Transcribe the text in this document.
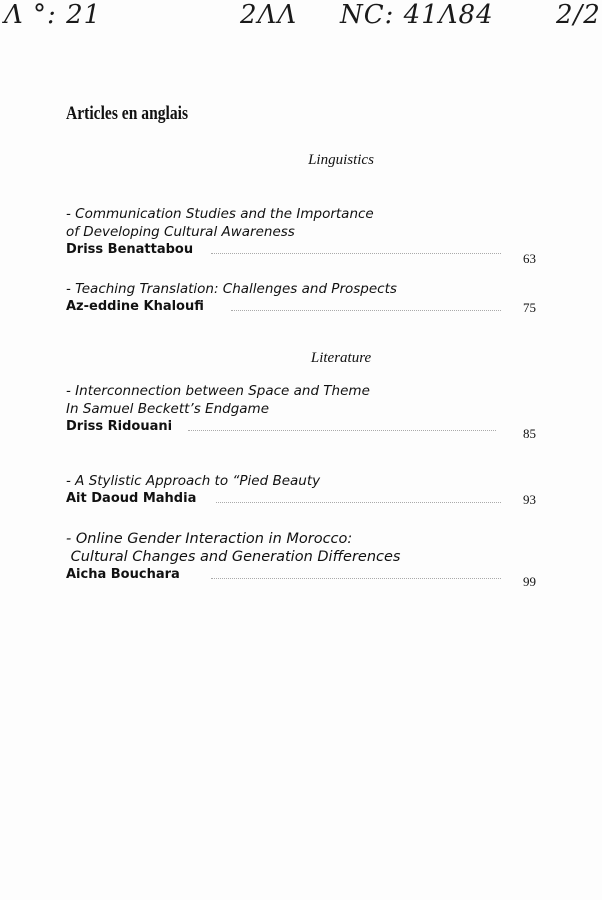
Λ °: 21	2ΛΛ NC: 41Λ84 2/2
Articles en anglais
Linguistics
- Communication Studies and the Importance
of Developing Cultural Awareness
Driss Benattabou
63
- Teaching Translation: Challenges and Prospects
Az-eddine Khaloufi	75
Literature
- Interconnection between Space and Theme
In Samuel Beckett’s Endgame
Driss Ridouani	85
- A Stylistic Approach to “Pied Beauty
Ait Daoud Mahdia	93
- Online Gender Interaction in Morocco:
Cultural Changes and Generation Differences
Aicha Bouchara	99
